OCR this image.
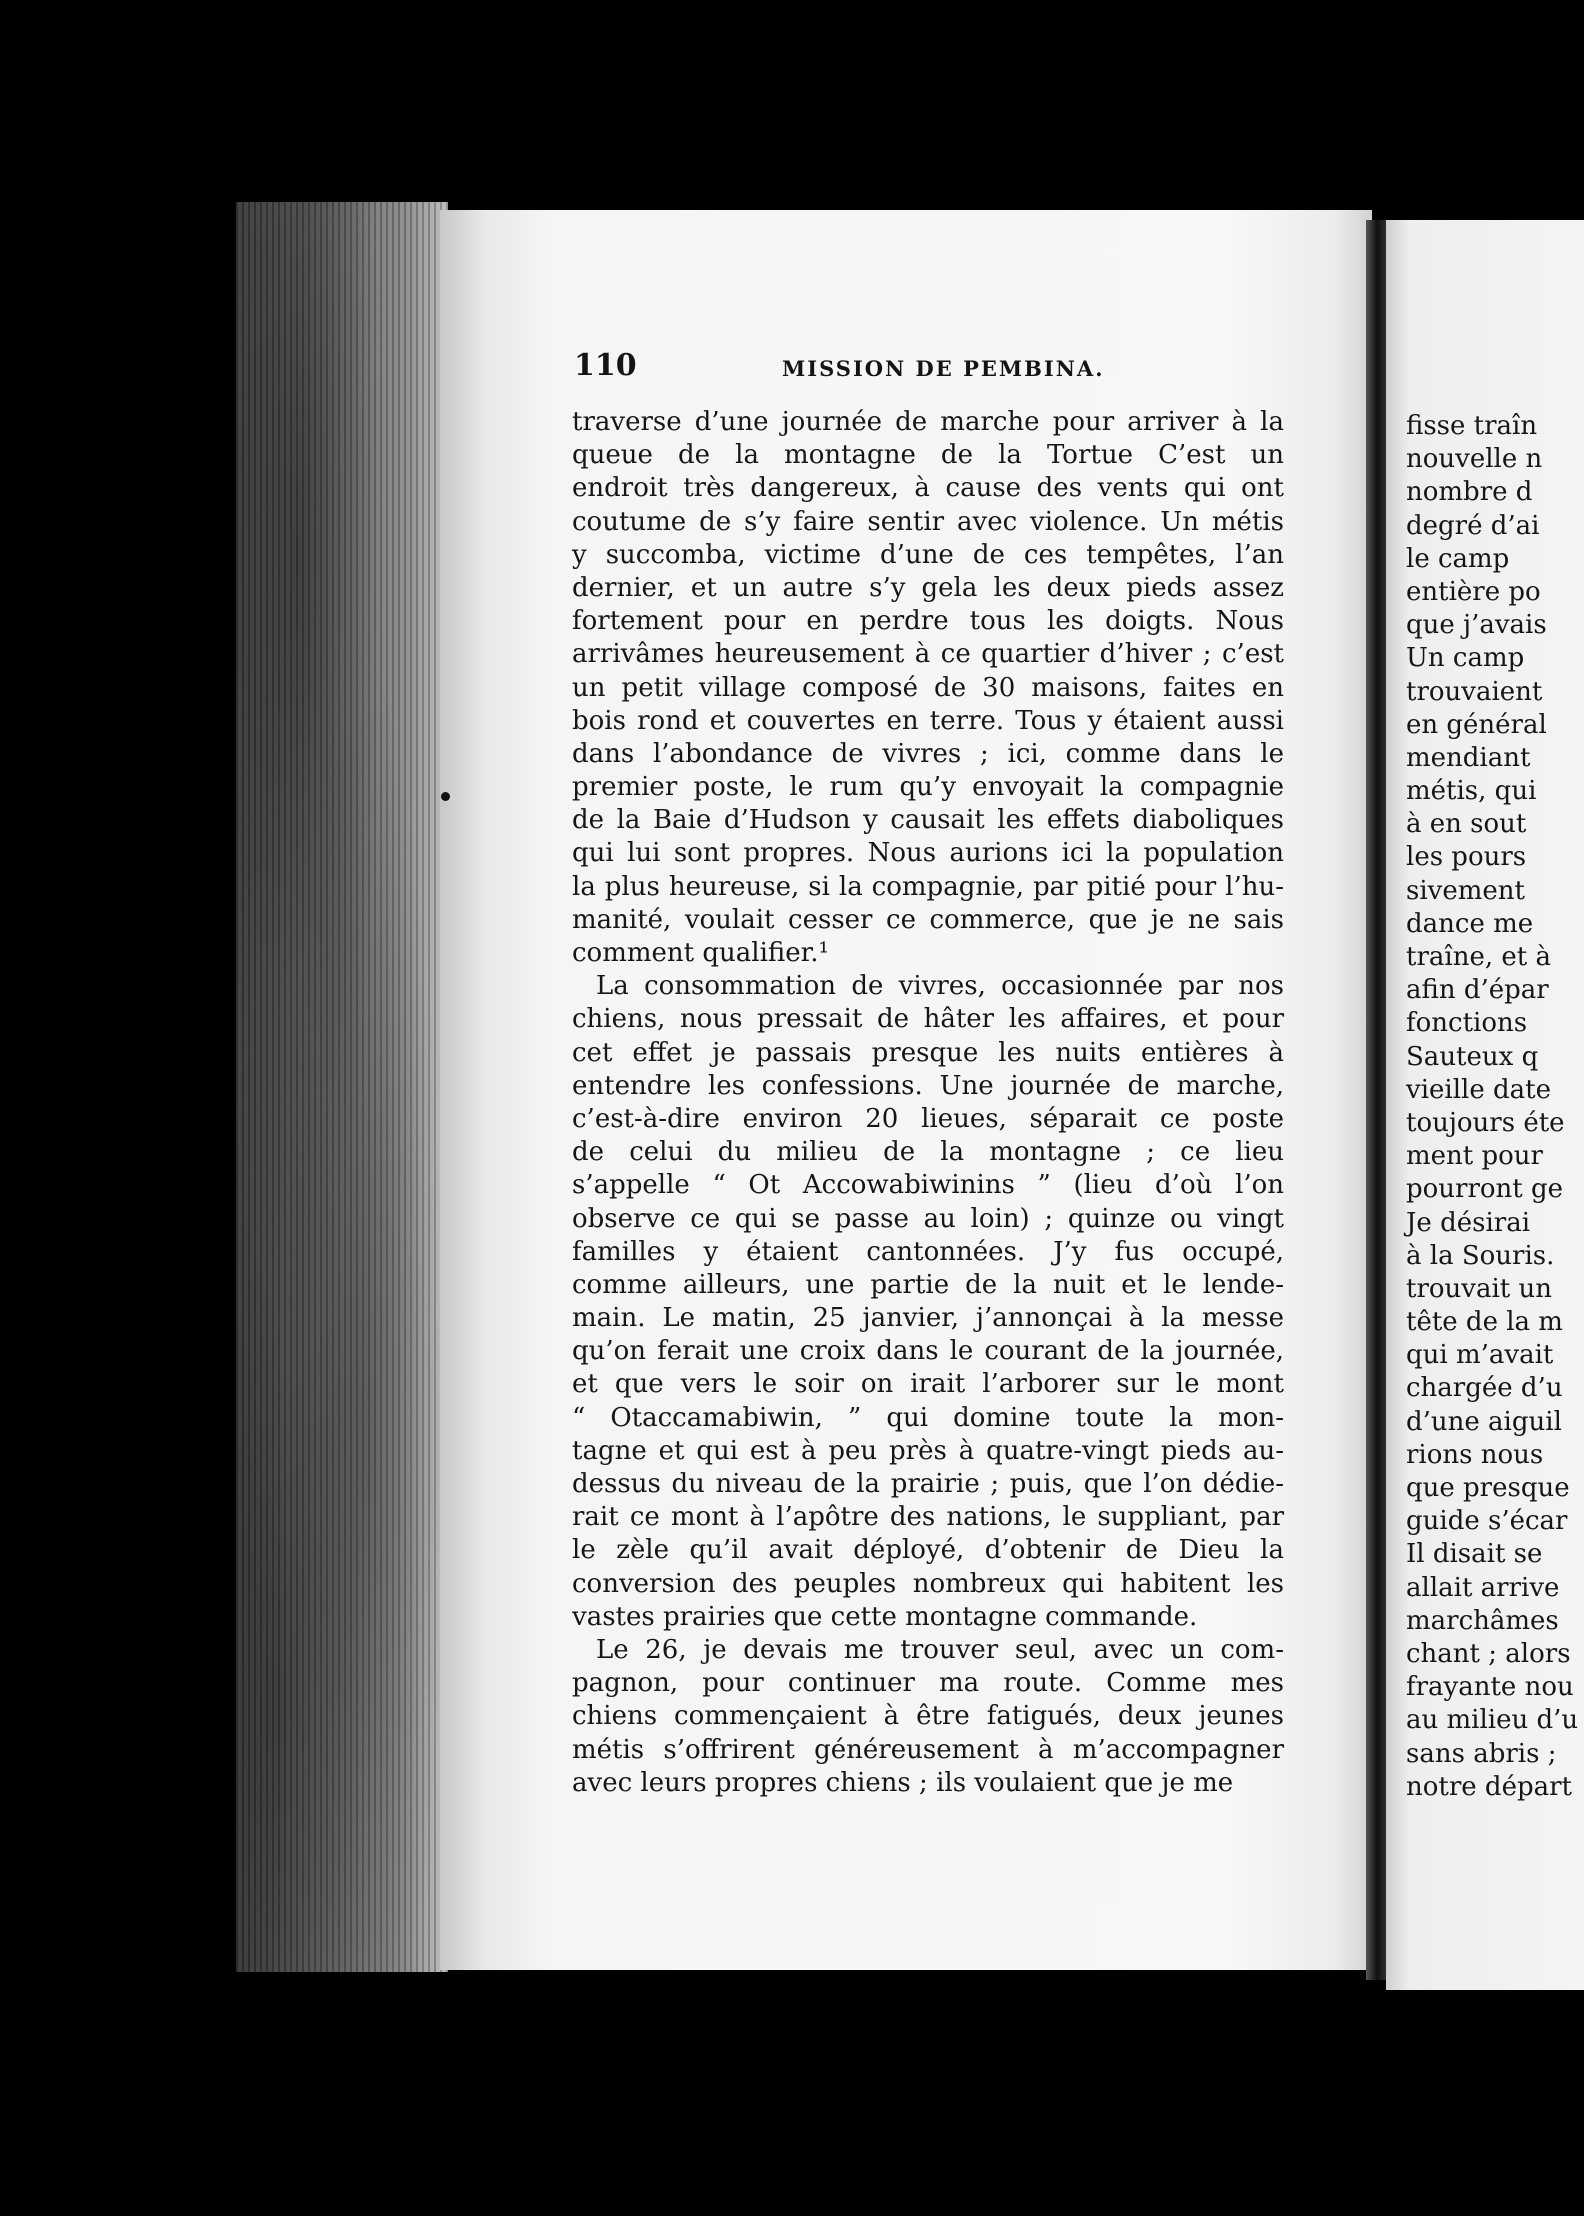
fisse traîn
nouvelle n
nombre d
degré d’ai
le camp
entière po
que j’avais
Un camp
trouvaient
en général
mendiant
métis, qui
à en sout
les pours
sivement
dance me
traîne, et à
afin d’épar
fonctions
Sauteux q
vieille date
toujours éte
ment pour
pourront ge
Je désirai
à la Souris.
trouvait un
tête de la m
qui m’avait
chargée d’u
d’une aiguil
rions nous
que presque
guide s’écar
Il disait se
allait arrive
marchâmes
chant ; alors
frayante nou
au milieu d’u
sans abris ;
notre départ
110	MISSION DE PEMBINA.
traverse d’une journée de marche pour arriver à la
queue de la montagne de la Tortue C’est un
endroit très dangereux, à cause des vents qui ont
coutume de s’y faire sentir avec violence. Un métis
y succomba, victime d’une de ces tempêtes, l’an
dernier, et un autre s’y gela les deux pieds assez
fortement pour en perdre tous les doigts. Nous
arrivâmes heureusement à ce quartier d’hiver ; c’est
un petit village composé de 30 maisons, faites en
bois rond et couvertes en terre. Tous y étaient aussi
dans l’abondance de vivres ; ici, comme dans le
premier poste, le rum qu’y envoyait la compagnie
de la Baie d’Hudson y causait les effets diaboliques
qui lui sont propres. Nous aurions ici la population
la plus heureuse, si la compagnie, par pitié pour l’hu-
manité, voulait cesser ce commerce, que je ne sais
comment qualifier.¹
La consommation de vivres, occasionnée par nos
chiens, nous pressait de hâter les affaires, et pour
cet effet je passais presque les nuits entières à
entendre les confessions. Une journée de marche,
c’est-à-dire environ 20 lieues, séparait ce poste
de celui du milieu de la montagne ; ce lieu
s’appelle “ Ot Accowabiwinins ” (lieu d’où l’on
observe ce qui se passe au loin) ; quinze ou vingt
familles y étaient cantonnées. J’y fus occupé,
comme ailleurs, une partie de la nuit et le lende-
main. Le matin, 25 janvier, j’annonçai à la messe
qu’on ferait une croix dans le courant de la journée,
et que vers le soir on irait l’arborer sur le mont
“ Otaccamabiwin, ” qui domine toute la mon-
tagne et qui est à peu près à quatre-vingt pieds au-
dessus du niveau de la prairie ; puis, que l’on dédie-
rait ce mont à l’apôtre des nations, le suppliant, par
le zèle qu’il avait déployé, d’obtenir de Dieu la
conversion des peuples nombreux qui habitent les
vastes prairies que cette montagne commande.
Le 26, je devais me trouver seul, avec un com-
pagnon, pour continuer ma route. Comme mes
chiens commençaient à être fatigués, deux jeunes
métis s’offrirent généreusement à m’accompagner
avec leurs propres chiens ; ils voulaient que je me
